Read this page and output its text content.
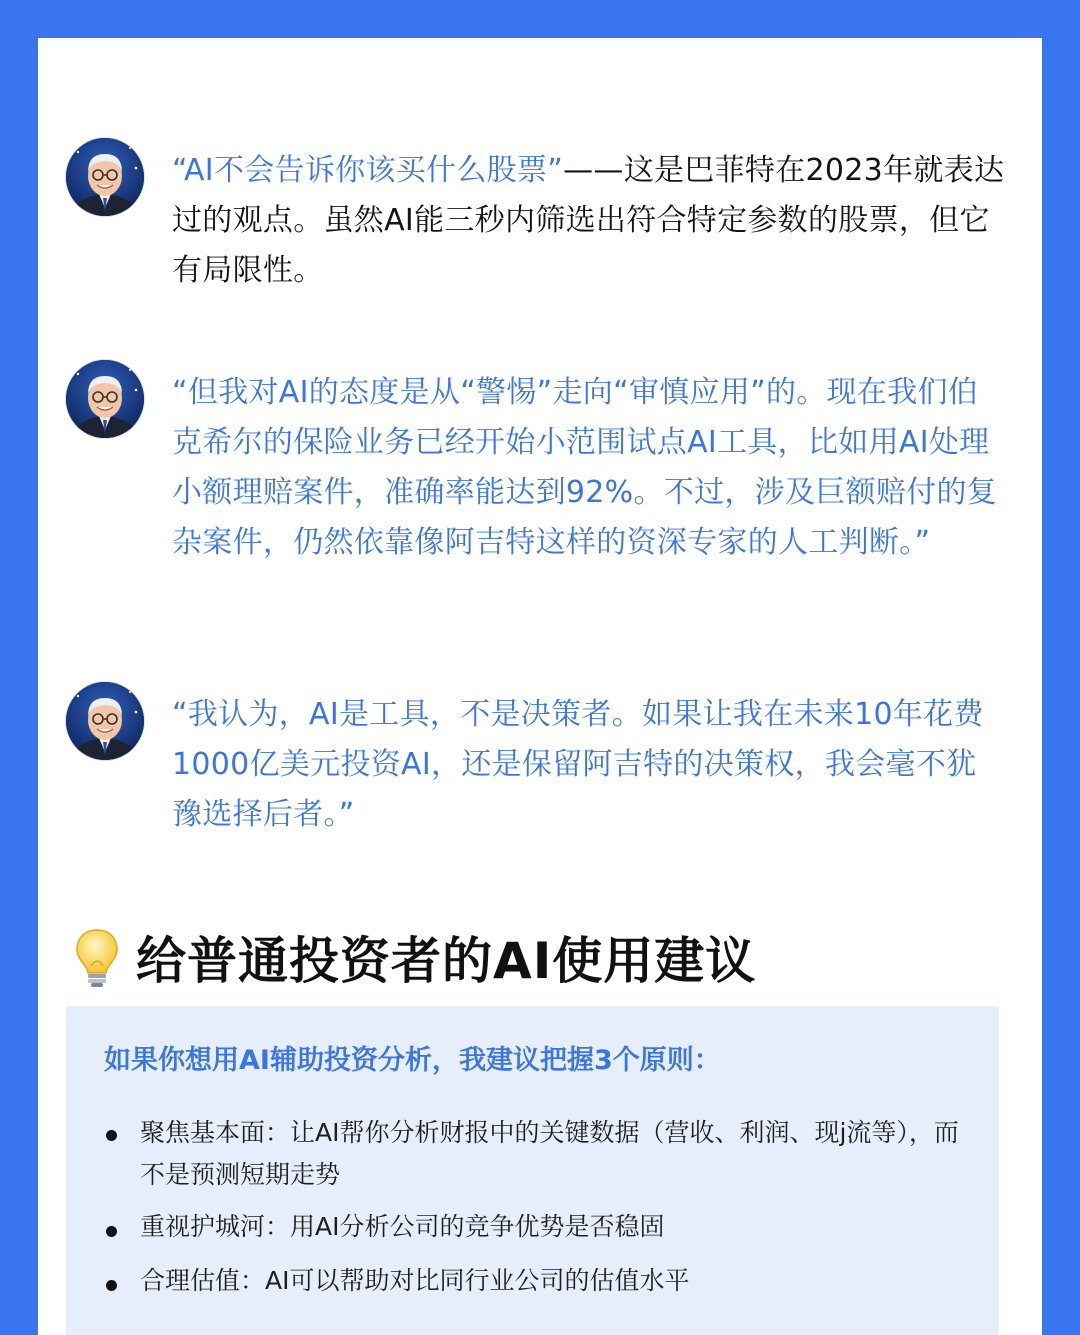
“AI不会告诉你该买什么股票”——这是巴菲特在2023年就表达过的观点。虽然AI能三秒内筛选出符合特定参数的股票，但它有局限性。

“但我对AI的态度是从“警惕”走向“审慎应用”的。现在我们伯克希尔的保险业务已经开始小范围试点AI工具，比如用AI处理小额理赔案件，准确率能达到92%。不过，涉及巨额赔付的复杂案件，仍然依靠像阿吉特这样的资深专家的人工判断。”

“我认为，AI是工具，不是决策者。如果让我在未来10年花费1000亿美元投资AI，还是保留阿吉特的决策权，我会毫不犹豫选择后者。”

给普通投资者的AI使用建议

如果你想用AI辅助投资分析，我建议把握3个原则：

聚焦基本面：让AI帮你分析财报中的关键数据（营收、利润、现j流等），而不是预测短期走势

重视护城河：用AI分析公司的竞争优势是否稳固

合理估值：AI可以帮助对比同行业公司的估值水平
